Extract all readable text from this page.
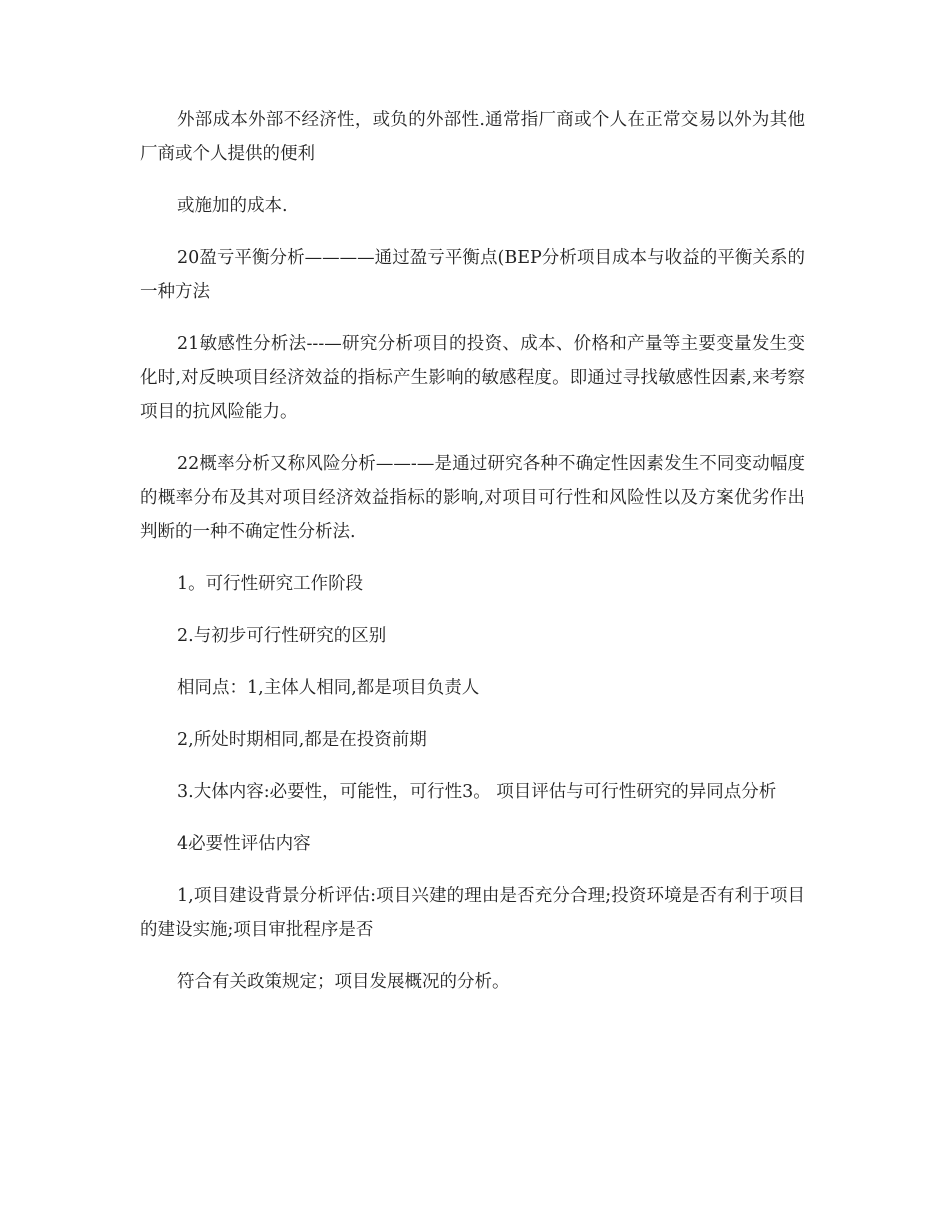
外部成本外部不经济性，或负的外部性.通常指厂商或个人在正常交易以外为其他厂商或个人提供的便利

或施加的成本.

20盈亏平衡分析————通过盈亏平衡点(BEP分析项目成本与收益的平衡关系的一种方法

21敏感性分析法---—研究分析项目的投资、成本、价格和产量等主要变量发生变化时,对反映项目经济效益的指标产生影响的敏感程度。即通过寻找敏感性因素,来考察项目的抗风险能力。

22概率分析又称风险分析——-—是通过研究各种不确定性因素发生不同变动幅度的概率分布及其对项目经济效益指标的影响,对项目可行性和风险性以及方案优劣作出判断的一种不确定性分析法.

1。可行性研究工作阶段

2.与初步可行性研究的区别

相同点：1,主体人相同,都是项目负责人

2,所处时期相同,都是在投资前期

3.大体内容:必要性，可能性，可行性3。 项目评估与可行性研究的异同点分析

4必要性评估内容

1,项目建设背景分析评估:项目兴建的理由是否充分合理;投资环境是否有利于项目的建设实施;项目审批程序是否

符合有关政策规定；项目发展概况的分析。
